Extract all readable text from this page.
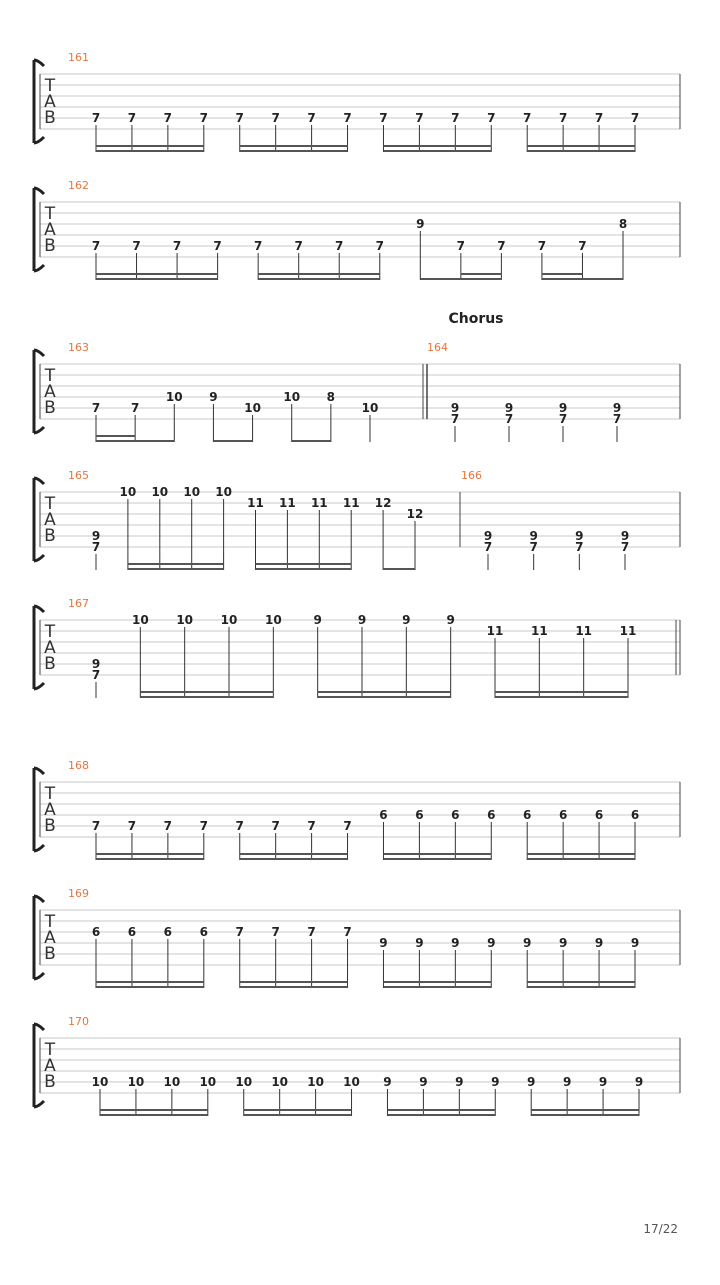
T
A
B
161
7 7 7 7 7 7 7 7 7 7 7 7 7 7 7 7
T
A
B
162
7	7	7	7	7	7	7	7
9
7	7	7	7
8
Chorus
T
A
B
163
7	7
10 9
10
10 8
10
164
9
7
9
7
9
7
9
7
T
A
B
165
9
7
10 10 10 10
11 11 11 11 12
12
166
9
7
9
7
9
7
9
7
T
A
B
167
9
7
10 10 10 10	9	9	9	9
11 11 11 11
T
A
B
168
7 7 7 7 7 7 7 7
6 6 6 6 6 6 6 6
T
A
B
169
6 6 6 6 7 7 7 7
9 9 9 9 9 9 9 9
T
A
B
170
10 10 10 10 10 10 10 10 9 9 9 9 9 9 9 9
17/22
